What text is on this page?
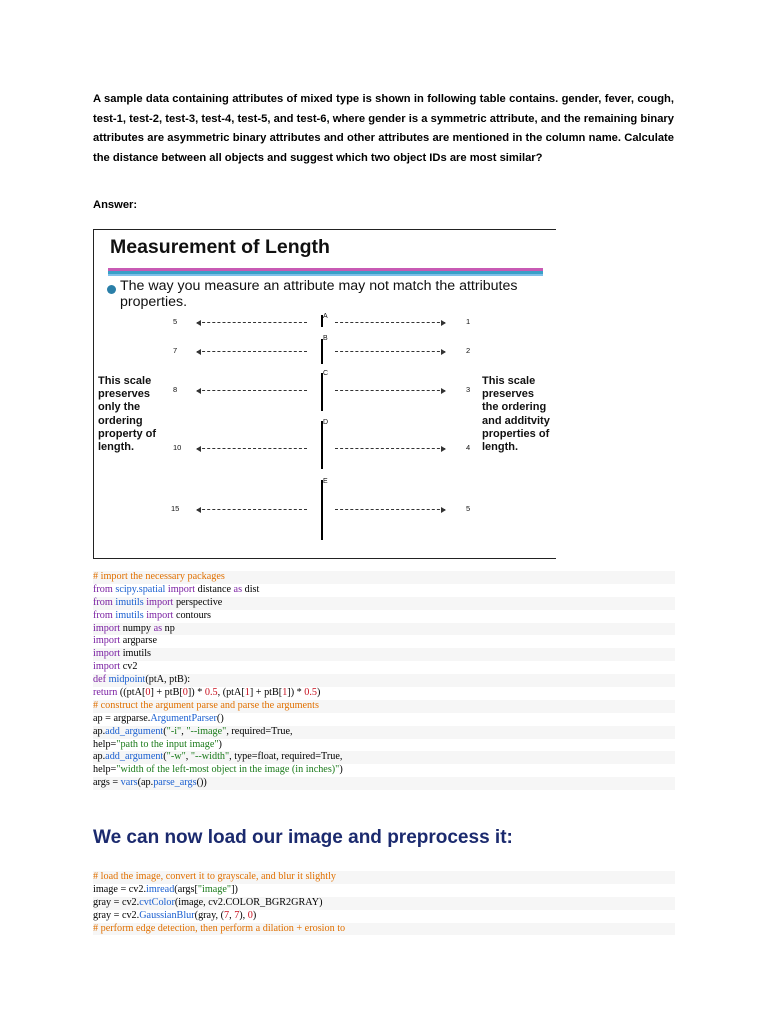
A sample data containing attributes of mixed type is shown in following table contains. gender, fever, cough, test-1, test-2, test-3, test-4, test-5, and test-6, where gender is a symmetric attribute, and the remaining binary attributes are asymmetric binary attributes and other attributes are mentioned in the column name. Calculate the distance between all objects and suggest which two object IDs are most similar?

Answer:

Measurement of Length
The way you measure an attribute may not match the attributes properties.
This scale
preserves
only the
ordering
property of
length.
This scale
preserves
the ordering
and additvity
properties of
length.
5
A
1
7
B
2
8
C
3
10
D
4
15
E
5
# import the necessary packages
from scipy.spatial import distance as dist
from imutils import perspective
from imutils import contours
import numpy as np
import argparse
import imutils
import cv2
def midpoint(ptA, ptB):
return ((ptA[0] + ptB[0]) * 0.5, (ptA[1] + ptB[1]) * 0.5)
# construct the argument parse and parse the arguments
ap = argparse.ArgumentParser()
ap.add_argument("-i", "--image", required=True,
help="path to the input image")
ap.add_argument("-w", "--width", type=float, required=True,
help="width of the left-most object in the image (in inches)")
args = vars(ap.parse_args())
We can now load our image and preprocess it:
# load the image, convert it to grayscale, and blur it slightly
image = cv2.imread(args["image"])
gray = cv2.cvtColor(image, cv2.COLOR_BGR2GRAY)
gray = cv2.GaussianBlur(gray, (7, 7), 0)
# perform edge detection, then perform a dilation + erosion to
